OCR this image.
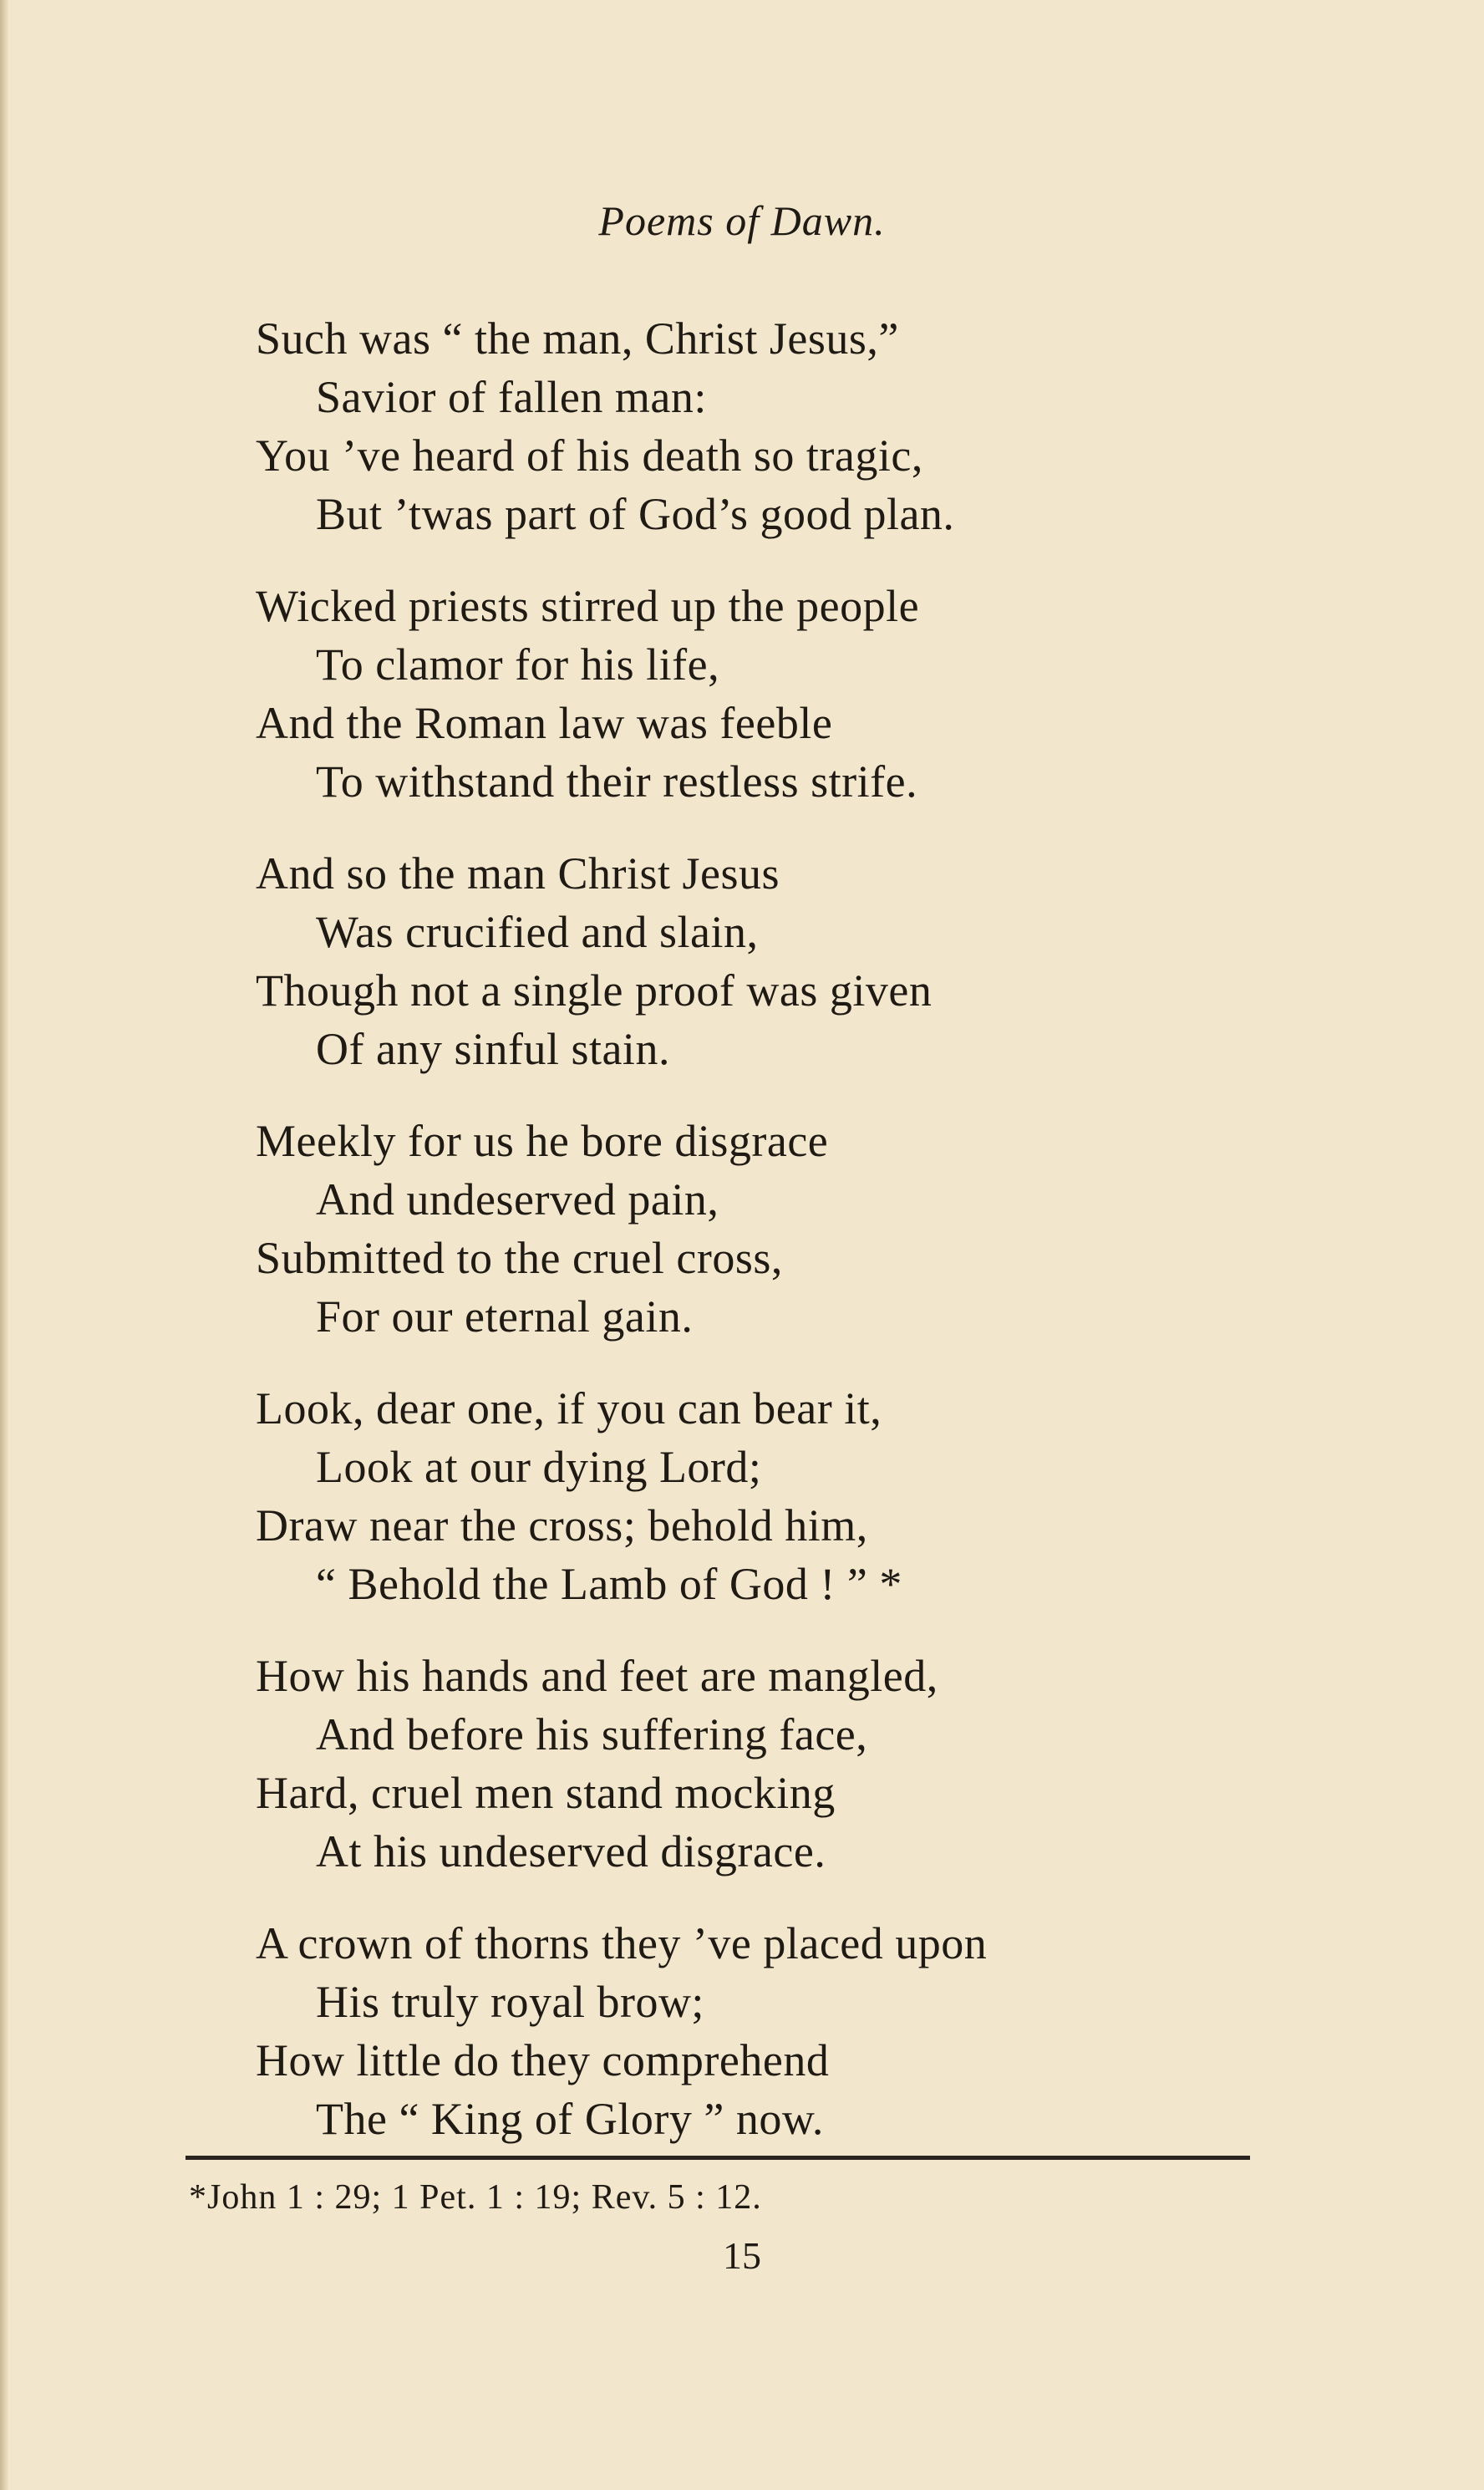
Poems of Dawn.
Such was “ the man, Christ Jesus,”
Savior of fallen man:
You ’ve heard of his death so tragic,
But ’twas part of God’s good plan.
Wicked priests stirred up the people
To clamor for his life,
And the Roman law was feeble
To withstand their restless strife.
And so the man Christ Jesus
Was crucified and slain,
Though not a single proof was given
Of any sinful stain.
Meekly for us he bore disgrace
And undeserved pain,
Submitted to the cruel cross,
For our eternal gain.
Look, dear one, if you can bear it,
Look at our dying Lord;
Draw near the cross; behold him,
“ Behold the Lamb of God ! ” *
How his hands and feet are mangled,
And before his suffering face,
Hard, cruel men stand mocking
At his undeserved disgrace.
A crown of thorns they ’ve placed upon
His truly royal brow;
How little do they comprehend
The “ King of Glory ” now.
*John 1 : 29; 1 Pet. 1 : 19; Rev. 5 : 12.
15
